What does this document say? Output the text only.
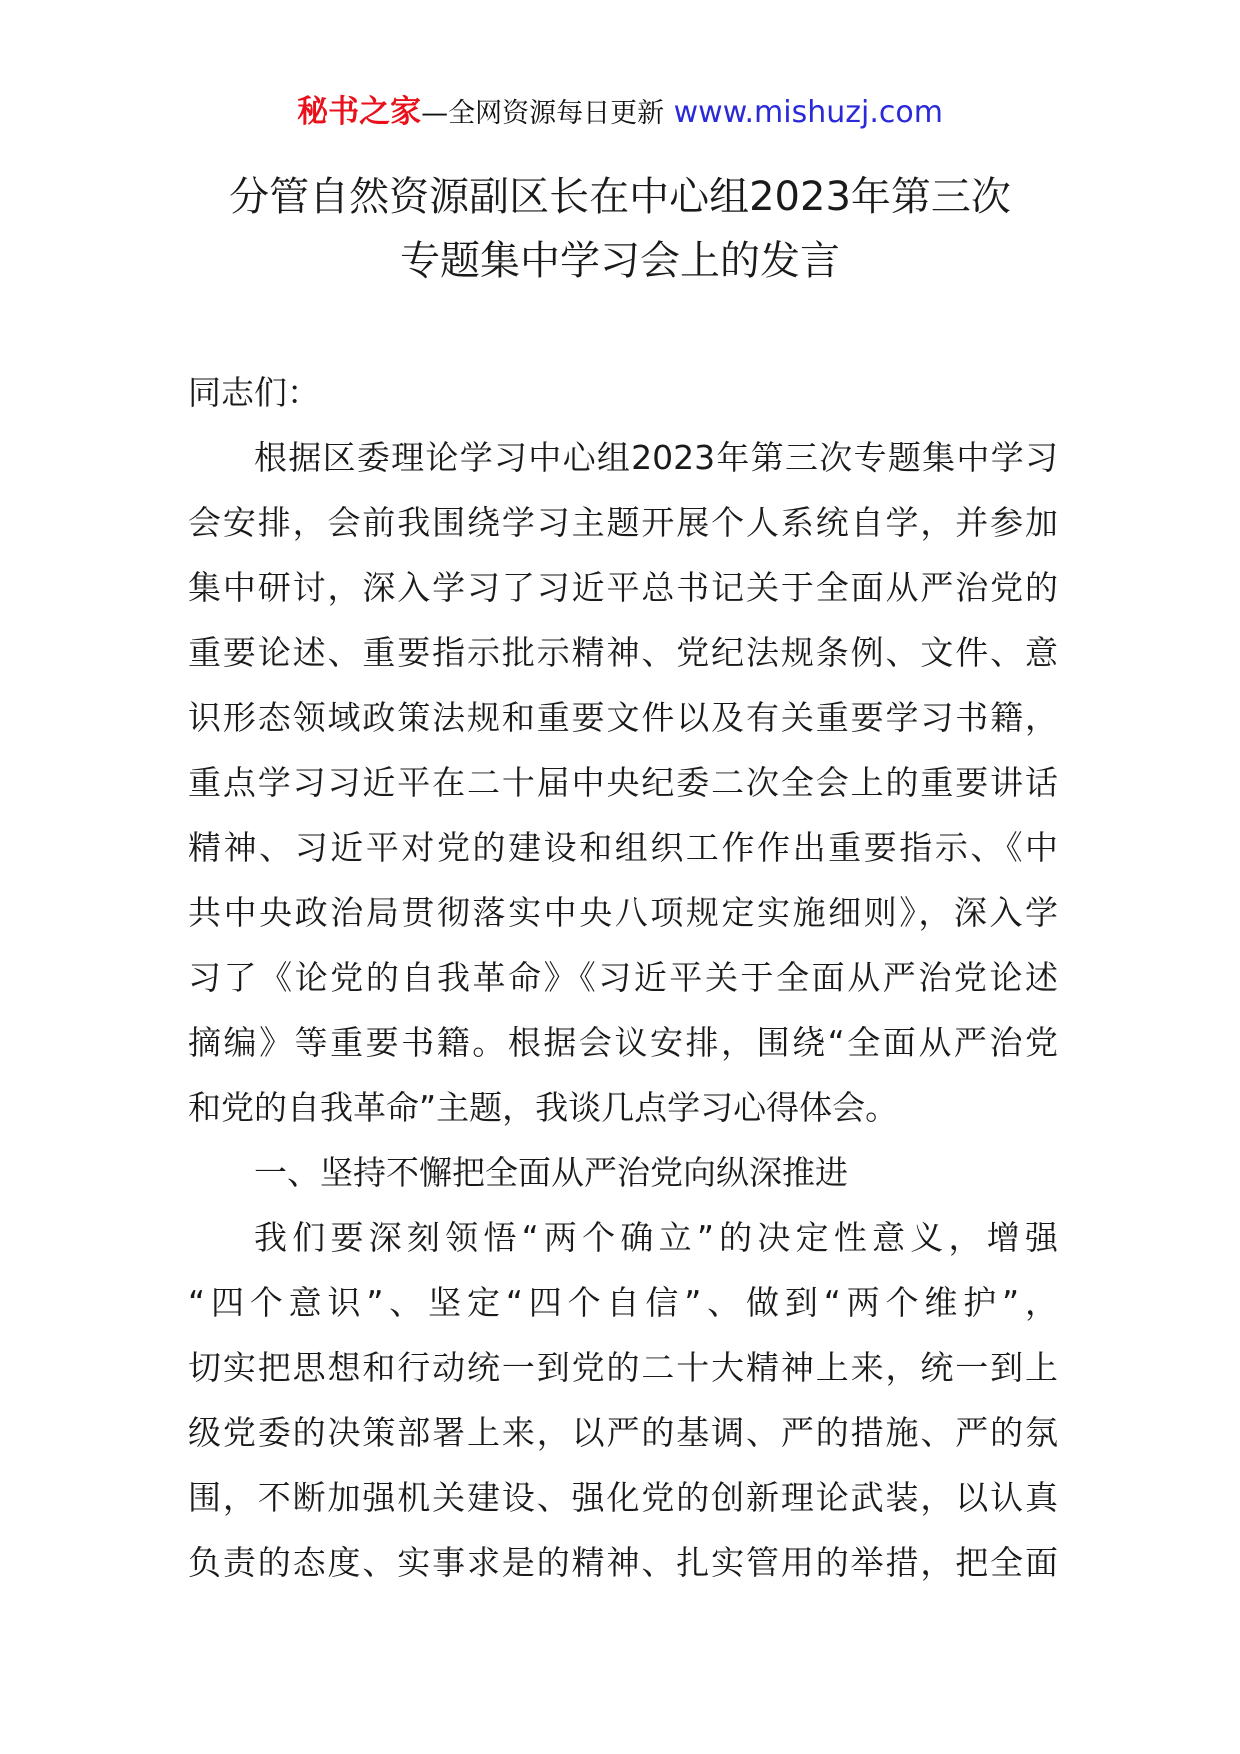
秘书之家—全网资源每日更新 www.mishuzj.com
分管自然资源副区长在中心组2023年第三次
专题集中学习会上的发言
同志们：
根据区委理论学习中心组2023年第三次专题集中学习
会安排，会前我围绕学习主题开展个人系统自学，并参加
集中研讨，深入学习了习近平总书记关于全面从严治党的
重要论述、重要指示批示精神、党纪法规条例、文件、意
识形态领域政策法规和重要文件以及有关重要学习书籍，
重点学习习近平在二十届中央纪委二次全会上的重要讲话
精神、习近平对党的建设和组织工作作出重要指示、《中
共中央政治局贯彻落实中央八项规定实施细则》，深入学
习了《论党的自我革命》《习近平关于全面从严治党论述
摘编》等重要书籍。根据会议安排，围绕“全面从严治党
和党的自我革命”主题，我谈几点学习心得体会。
一、坚持不懈把全面从严治党向纵深推进
我们要深刻领悟“两个确立”的决定性意义，增强
“四个意识”、坚定“四个自信”、做到“两个维护”，
切实把思想和行动统一到党的二十大精神上来，统一到上
级党委的决策部署上来，以严的基调、严的措施、严的氛
围，不断加强机关建设、强化党的创新理论武装，以认真
负责的态度、实事求是的精神、扎实管用的举措，把全面
